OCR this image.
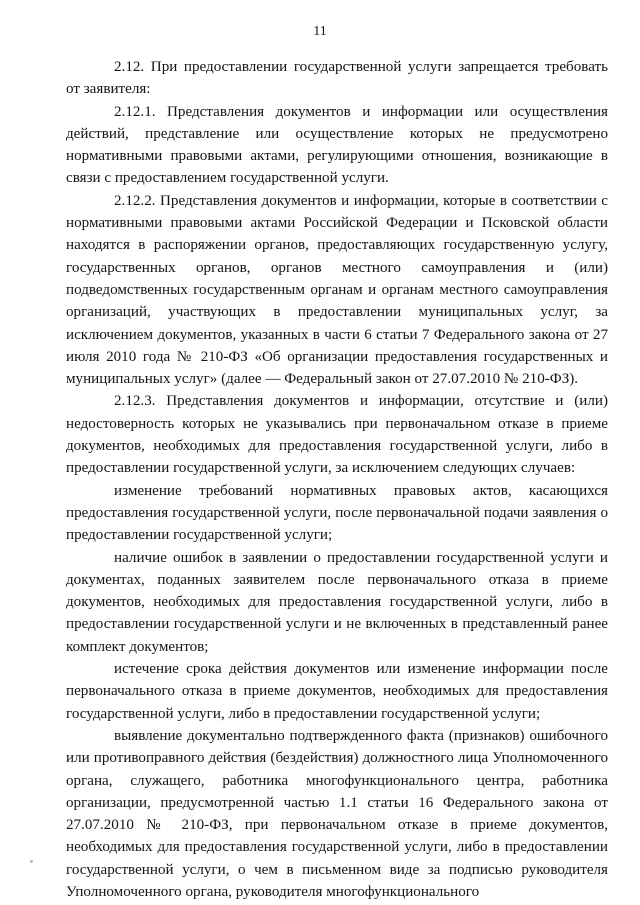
11

2.12. При предоставлении государственной услуги запрещается требовать от заявителя:

2.12.1. Представления документов и информации или осуществления действий, представление или осуществление которых не предусмотрено нормативными правовыми актами, регулирующими отношения, возникающие в связи с предоставлением государственной услуги.

2.12.2. Представления документов и информации, которые в соответствии с нормативными правовыми актами Российской Федерации и Псковской области находятся в распоряжении органов, предоставляющих государственную услугу, государственных органов, органов местного самоуправления и (или) подведомственных государственным органам и органам местного самоуправления организаций, участвующих в предоставлении муниципальных услуг, за исключением документов, указанных в части 6 статьи 7 Федерального закона от 27 июля 2010 года № 210-ФЗ «Об организации предоставления государственных и муниципальных услуг» (далее — Федеральный закон от 27.07.2010 № 210-ФЗ).

2.12.3. Представления документов и информации, отсутствие и (или) недостоверность которых не указывались при первоначальном отказе в приеме документов, необходимых для предоставления государственной услуги, либо в предоставлении государственной услуги, за исключением следующих случаев:

изменение требований нормативных правовых актов, касающихся предоставления государственной услуги, после первоначальной подачи заявления о предоставлении государственной услуги;

наличие ошибок в заявлении о предоставлении государственной услуги и документах, поданных заявителем после первоначального отказа в приеме документов, необходимых для предоставления государственной услуги, либо в предоставлении государственной услуги и не включенных в представленный ранее комплект документов;

истечение срока действия документов или изменение информации после первоначального отказа в приеме документов, необходимых для предоставления государственной услуги, либо в предоставлении государственной услуги;

выявление документально подтвержденного факта (признаков) ошибочного или противоправного действия (бездействия) должностного лица Уполномоченного органа, служащего, работника многофункционального центра, работника организации, предусмотренной частью 1.1 статьи 16 Федерального закона от 27.07.2010 № 210-ФЗ, при первоначальном отказе в приеме документов, необходимых для предоставления государственной услуги, либо в предоставлении государственной услуги, о чем в письменном виде за подписью руководителя Уполномоченного органа, руководителя многофункционального
